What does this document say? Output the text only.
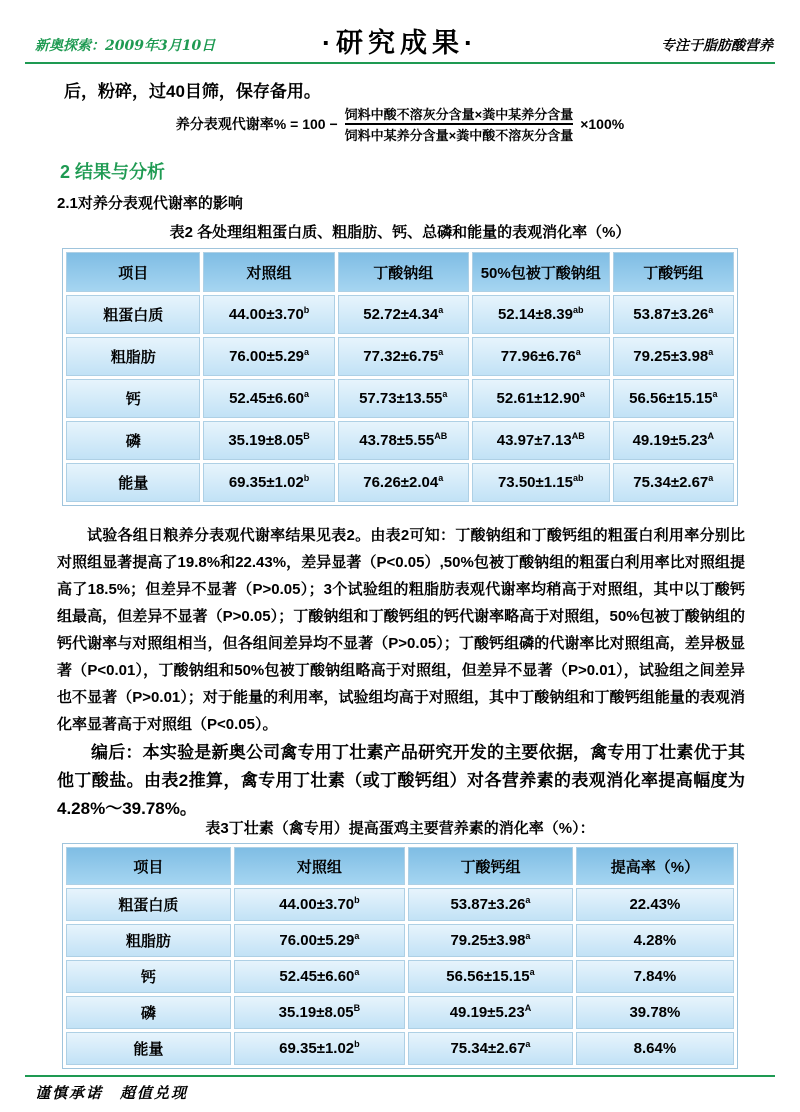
新奥探索：2009年3月10日	·研究成果·	专注于脂肪酸营养
后，粉碎，过40目筛，保存备用。
养分表观代谢率% = $100 - \frac{\text{饲料中酸不溶灰分含量×粪中某养分含量}}{\text{饲料中某养分含量×粪中酸不溶灰分含量}} \times 100\%$
2 结果与分析
2.1对养分表观代谢率的影响
表2 各处理组粗蛋白质、粗脂肪、钙、总磷和能量的表观消化率（%）
项目	对照组	丁酸钠组	50%包被丁酸钠组	丁酸钙组
粗蛋白质	44.00±3.70$^b$	52.72±4.34$^a$	52.14±8.39$^{ab}$	53.87±3.26$^a$
粗脂肪	76.00±5.29$^a$	77.32±6.75$^a$	77.96±6.76$^a$	79.25±3.98$^a$
钙	52.45±6.60$^a$	57.73±13.55$^a$	52.61±12.90$^a$	56.56±15.15$^a$
磷	$35.19\pm 8.05^B$	$43.78\pm 5.55^{AB}$	$43.97\pm 7.13^{AB}$	$49.19\pm 5.23^A$
能量	69.35±1.02$^b$	76.26±2.04$^a$	73.50±1.15$^{ab}$	75.34±2.67$^a$
试验各组日粮养分表观代谢率结果见表2。由表2可知：丁酸钠组和丁酸钙组的粗蛋白利用率分别比对照组显著提高了19.8%和22.43%，差异显著（P<0.05）,50%包被丁酸钠组的粗蛋白利用率比对照组提高了18.5%；但差异不显著（P>0.05）；3个试验组的粗脂肪表观代谢率均稍高于对照组，其中以丁酸钙组最高，但差异不显著（P>0.05）；丁酸钠组和丁酸钙组的钙代谢率略高于对照组，50%包被丁酸钠组的钙代谢率与对照组相当，但各组间差异均不显著（P>0.05）；丁酸钙组磷的代谢率比对照组高，差异极显著（P<0.01），丁酸钠组和50%包被丁酸钠组略高于对照组，但差异不显著（P>0.01），试验组之间差异也不显著（P>0.01）；对于能量的利用率，试验组均高于对照组，其中丁酸钠组和丁酸钙组能量的表观消化率显著高于对照组（P<0.05）。
编后：本实验是新奥公司禽专用丁壮素产品研究开发的主要依据，禽专用丁壮素优于其他丁酸盐。由表2推算，禽专用丁壮素（或丁酸钙组）对各营养素的表观消化率提高幅度为4.28%～39.78%。
表3丁壮素（禽专用）提高蛋鸡主要营养素的消化率（%）：
项目	对照组	丁酸钙组	提高率（%）
粗蛋白质	44.00±3.70$^b$	53.87±3.26$^a$	22.43%
粗脂肪	76.00±5.29$^a$	79.25±3.98$^a$	4.28%
钙	52.45±6.60$^a$	56.56±15.15$^a$	7.84%
磷	$35.19\pm 8.05^B$	$49.19\pm 5.23^A$	39.78%
能量	69.35±1.02$^b$	75.34±2.67$^a$	8.64%
谨慎承诺　超值兑现
